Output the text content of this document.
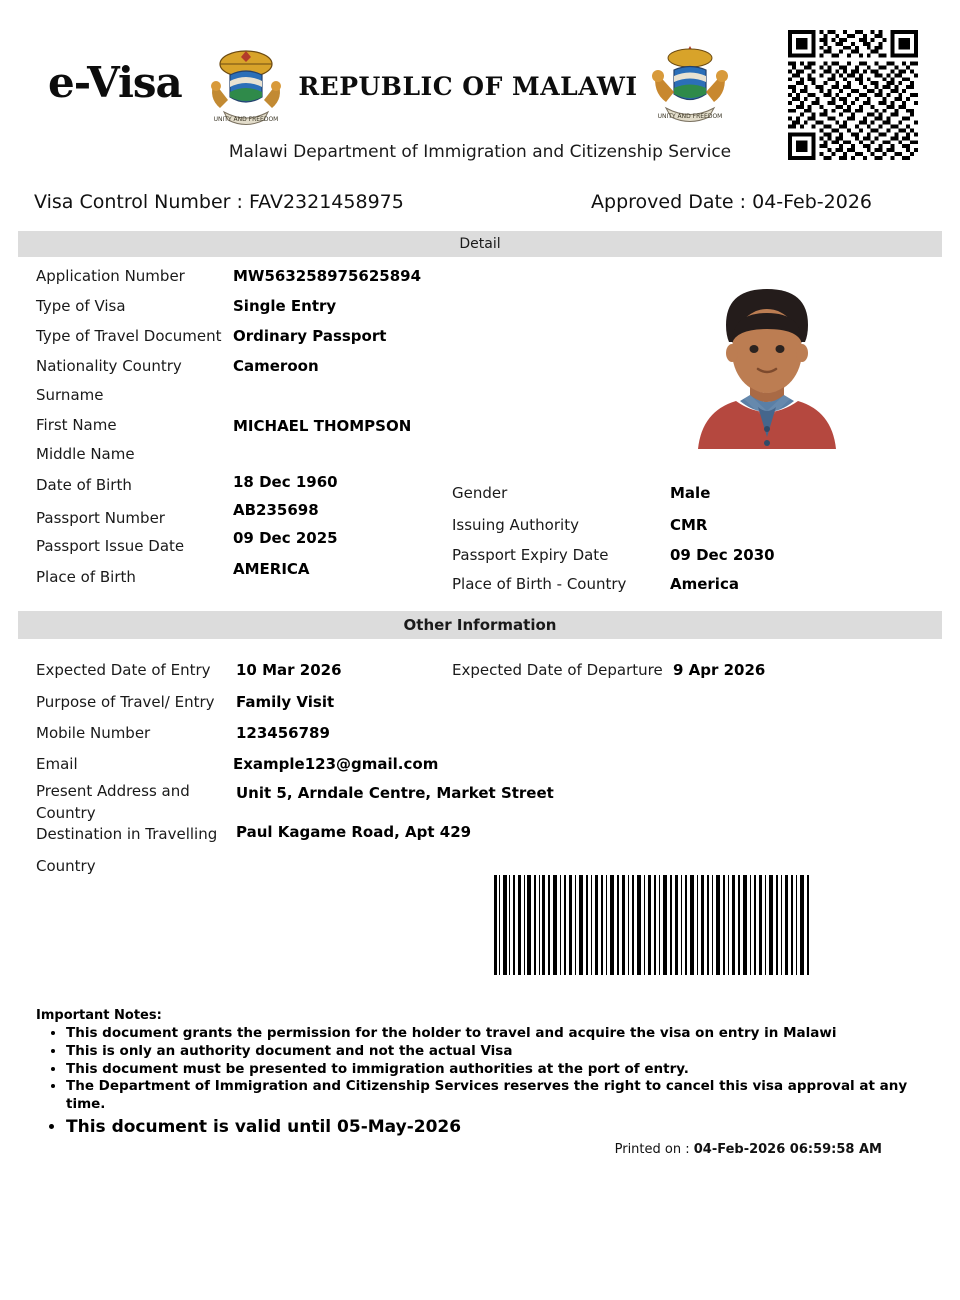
e-Visa
UNITY AND FREEDOM
REPUBLIC OF MALAWI
UNITY AND FREEDOM
Malawi Department of Immigration and Citizenship Service
Visa Control Number : FAV2321458975	Approved Date : 04-Feb-2026
Detail
Application Number	MW563258975625894
Type of Visa	Single Entry
Type of Travel Document Ordinary Passport
Nationality Country	Cameroon
Surname
First Name	MICHAEL THOMPSON
Middle Name
Date of Birth	18 Dec 1960
Gender	Male
Passport Number	AB235698
Issuing Authority	CMR
Passport Issue Date	09 Dec 2025
Passport Expiry Date	09 Dec 2030
Place of Birth	AMERICA
Place of Birth - Country	America
Other Information
Expected Date of Entry 10 Mar 2026	Expected Date of Departure 9 Apr 2026
Purpose of Travel/ Entry Family Visit
Mobile Number	123456789
Email	Example123@gmail.com
Present Address and
Country
Unit 5, Arndale Centre, Market Street
Destination in Travelling
Country
Paul Kagame Road, Apt 429
Important Notes:
• This document grants the permission for the holder to travel and acquire the visa on entry in Malawi
• This is only an authority document and not the actual Visa
• This document must be presented to immigration authorities at the port of entry.
• The Department of Immigration and Citizenship Services reserves the right to cancel this visa approval at any time.
• This document is valid until 05-May-2026
Printed on : 04-Feb-2026 06:59:58 AM
